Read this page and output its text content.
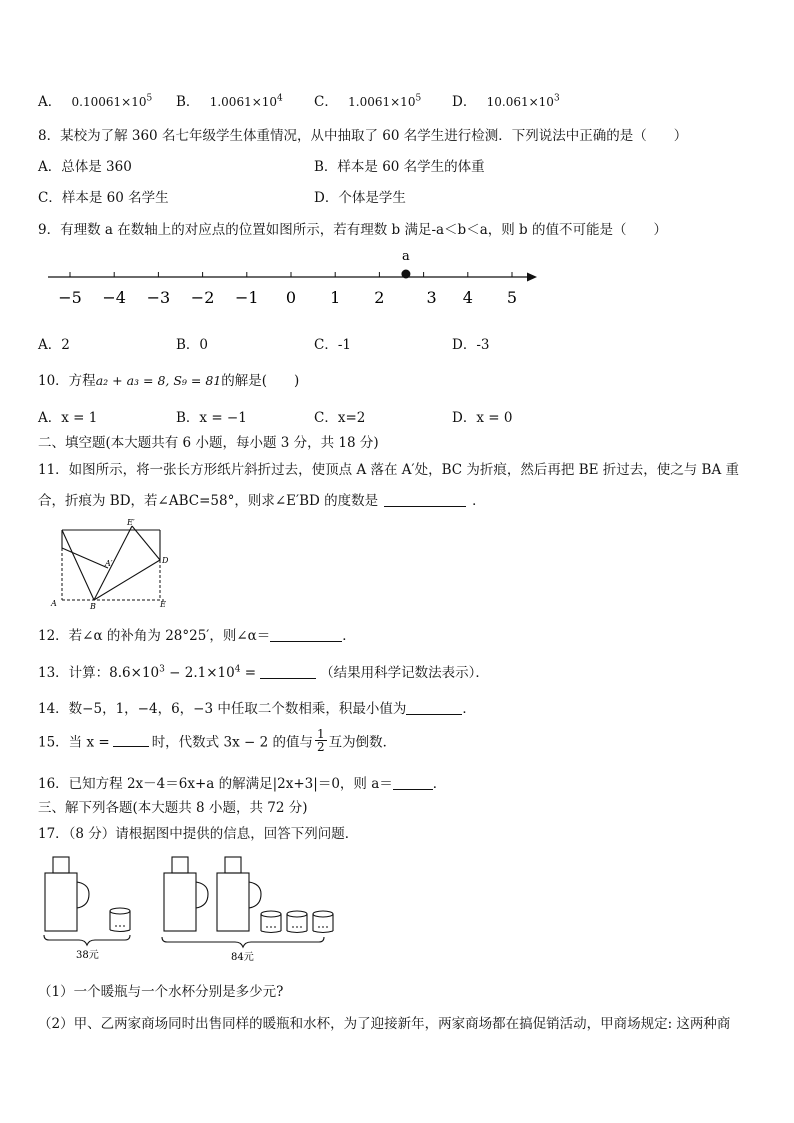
A． $0.10061\times 10^5$ B． $1.0061\times 10^4$ C． $1.0061\times 10^5$ D． $10.061\times 10^3$
8．某校为了解 360 名七年级学生体重情况，从中抽取了 60 名学生进行检测．下列说法中正确的是（　　）
A．总体是 360	B．样本是 60 名学生的体重
C．样本是 60 名学生	D．个体是学生
9．有理数 a 在数轴上的对应点的位置如图所示，若有理数 b 满足-a＜b＜a，则 b 的值不可能是（　　）
−5 −4 −3 −2 −1 0 1 2	3 4 5
a
A．2	B．0	C．-1	D．-3
10．方程a₂ + a₃ = 8, S₉ = 81的解是(　　)
A．x = 1	B．x = −1	C．x=2	D．x = 0
二、填空题(本大题共有 6 小题，每小题 3 分，共 18 分)
11．如图所示，将一张长方形纸片斜折过去，使顶点 A 落在 A′处，BC 为折痕，然后再把 BE 折过去，使之与 BA 重
合，折痕为 BD，若∠ABC=58°，则求∠E′BD 的度数是	．
E′
A′	D
A	B	E
12．若∠α 的补角为 28°25′，则∠α＝	．
13．计算：$8.6\times 10^3 - 2.1\times 10^4$ =	（结果用科学记数法表示）．
14．数−5，1，−4，6，−3 中任取二个数相乘，积最小值为	．
15．当 x =	时，代数式 3x − 2 的值与 $\frac{1}{2}$ 互为倒数．
16．已知方程 2x－4＝6x+a 的解满足|2x+3|＝0，则 a＝	．
三、解下列各题(本大题共 8 小题，共 72 分)
17．（8 分）请根据图中提供的信息，回答下列问题．
38元	84元
（1）一个暖瓶与一个水杯分别是多少元?
（2）甲、乙两家商场同时出售同样的暖瓶和水杯，为了迎接新年，两家商场都在搞促销活动，甲商场规定: 这两种商
